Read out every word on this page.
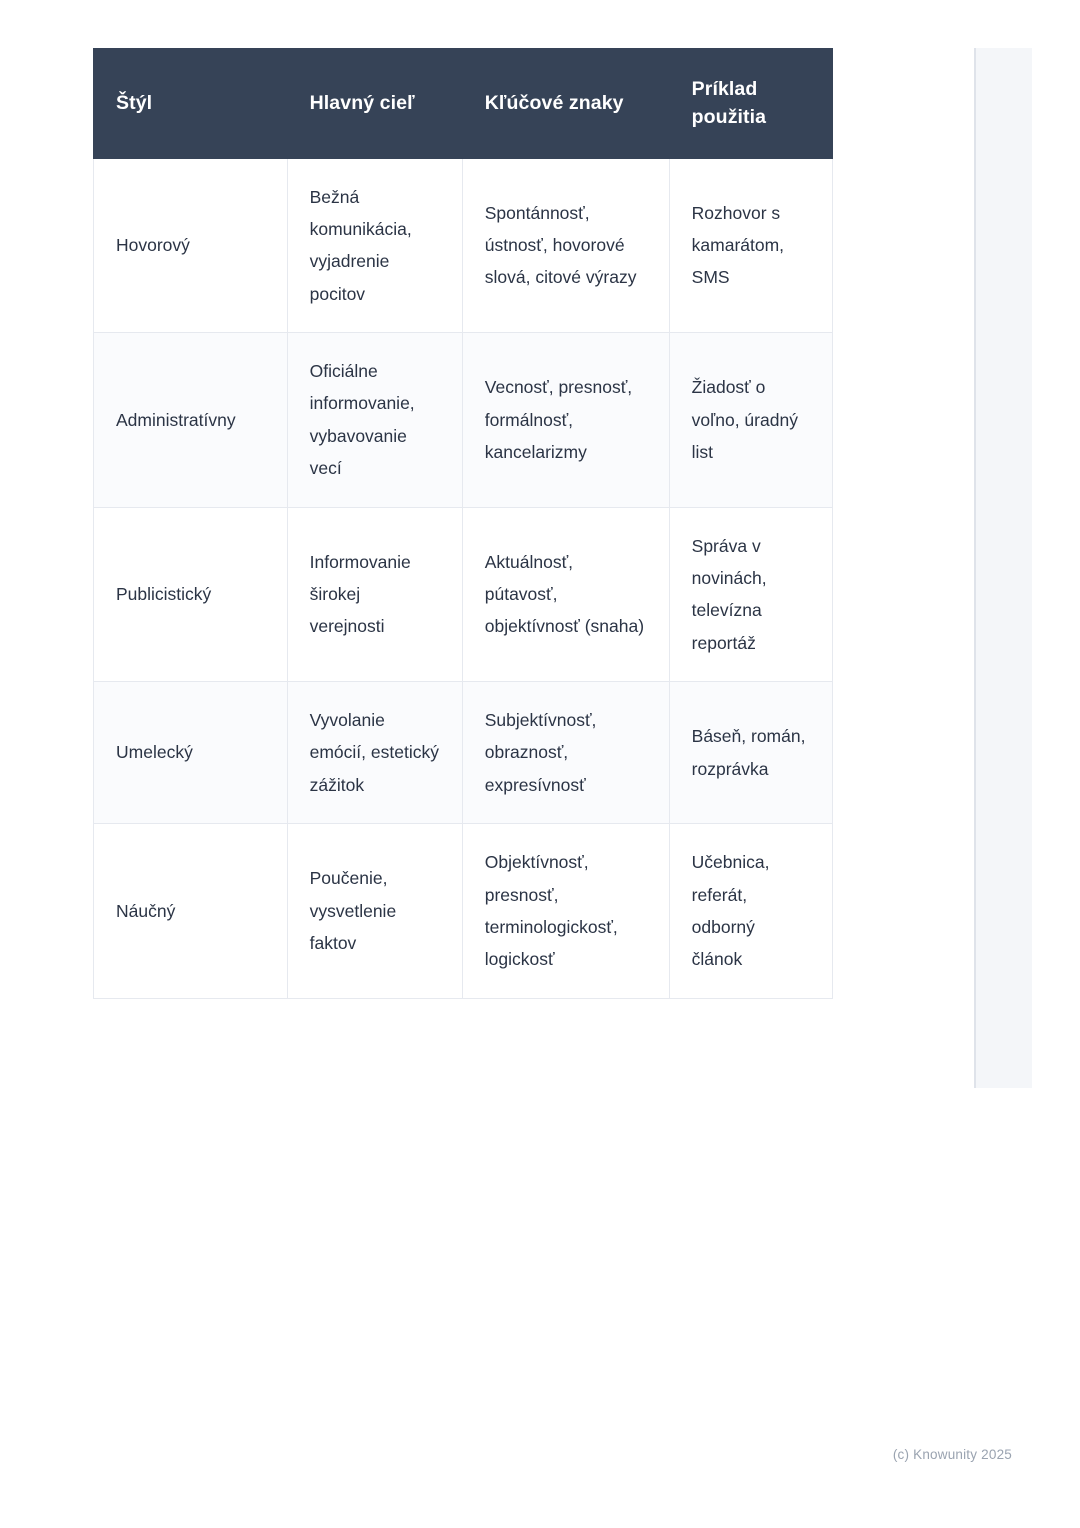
Štýl	Hlavný cieľ	Kľúčové znaky	Príklad použitia
Hovorový	Bežná komunikácia, vyjadrenie pocitov	Spontánnosť, ústnosť, hovorové slová, citové výrazy	Rozhovor s kamarátom, SMS
Administratívny	Oficiálne informovanie, vybavovanie vecí	Vecnosť, presnosť, formálnosť, kancelarizmy	Žiadosť o voľno, úradný list
Publicistický	Informovanie širokej verejnosti	Aktuálnosť, pútavosť, objektívnosť (snaha)	Správa v novinách, televízna reportáž
Umelecký	Vyvolanie emócií, estetický zážitok	Subjektívnosť, obraznosť, expresívnosť	Báseň, román, rozprávka
Náučný	Poučenie, vysvetlenie faktov	Objektívnosť, presnosť, terminologickosť, logickosť	Učebnica, referát, odborný článok
(c) Knowunity 2025
